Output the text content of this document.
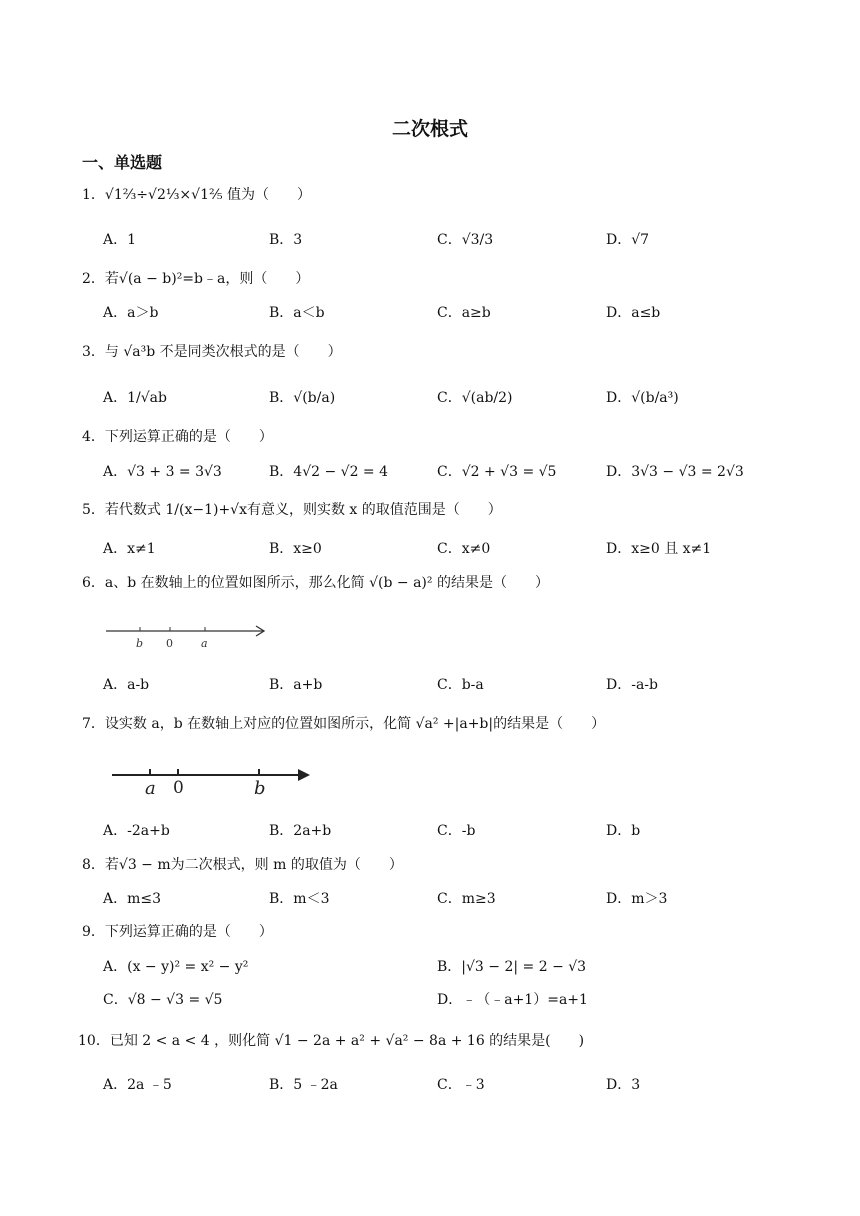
二次根式
一、单选题
1．√1⅔÷√2⅓×√1⅖ 值为（　　）
A．1	B．3	C．√3/3	D．√7
2．若√(a − b)²=b﹣a，则（　　）
A．a＞b	B．a＜b	C．a≥b	D．a≤b
3．与 √a³b 不是同类次根式的是（　　）
A．1/√ab	B．√(b/a)	C．√(ab/2)	D．√(b/a³)
4．下列运算正确的是（　　）
A．√3 + 3 = 3√3	B．4√2 − √2 = 4	C．√2 + √3 = √5	D．3√3 − √3 = 2√3
5．若代数式 1/(x−1)+√x有意义，则实数 x 的取值范围是（　　）
A．x≠1	B．x≥0	C．x≠0	D．x≥0 且 x≠1
6．a、b 在数轴上的位置如图所示，那么化简 √(b − a)² 的结果是（　　）
b 0	a
A．a-b	B．a+b	C．b-a	D．-a-b
7．设实数 a，b 在数轴上对应的位置如图所示，化简 √a² +|a+b|的结果是（　　）
a 0	b
A．-2a+b	B．2a+b	C．-b	D．b
8．若√3 − m为二次根式，则 m 的取值为（　　）
A．m≤3	B．m＜3	C．m≥3	D．m＞3
9．下列运算正确的是（　　）
A．(x − y)² = x² − y²	B．|√3 − 2| = 2 − √3
C．√8 − √3 = √5	D．﹣（﹣a+1）=a+1
10．已知 2 < a < 4 ，则化简 √1 − 2a + a² + √a² − 8a + 16 的结果是(　　)
A．2a ﹣5	B．5 ﹣2a	C．﹣3	D．3
